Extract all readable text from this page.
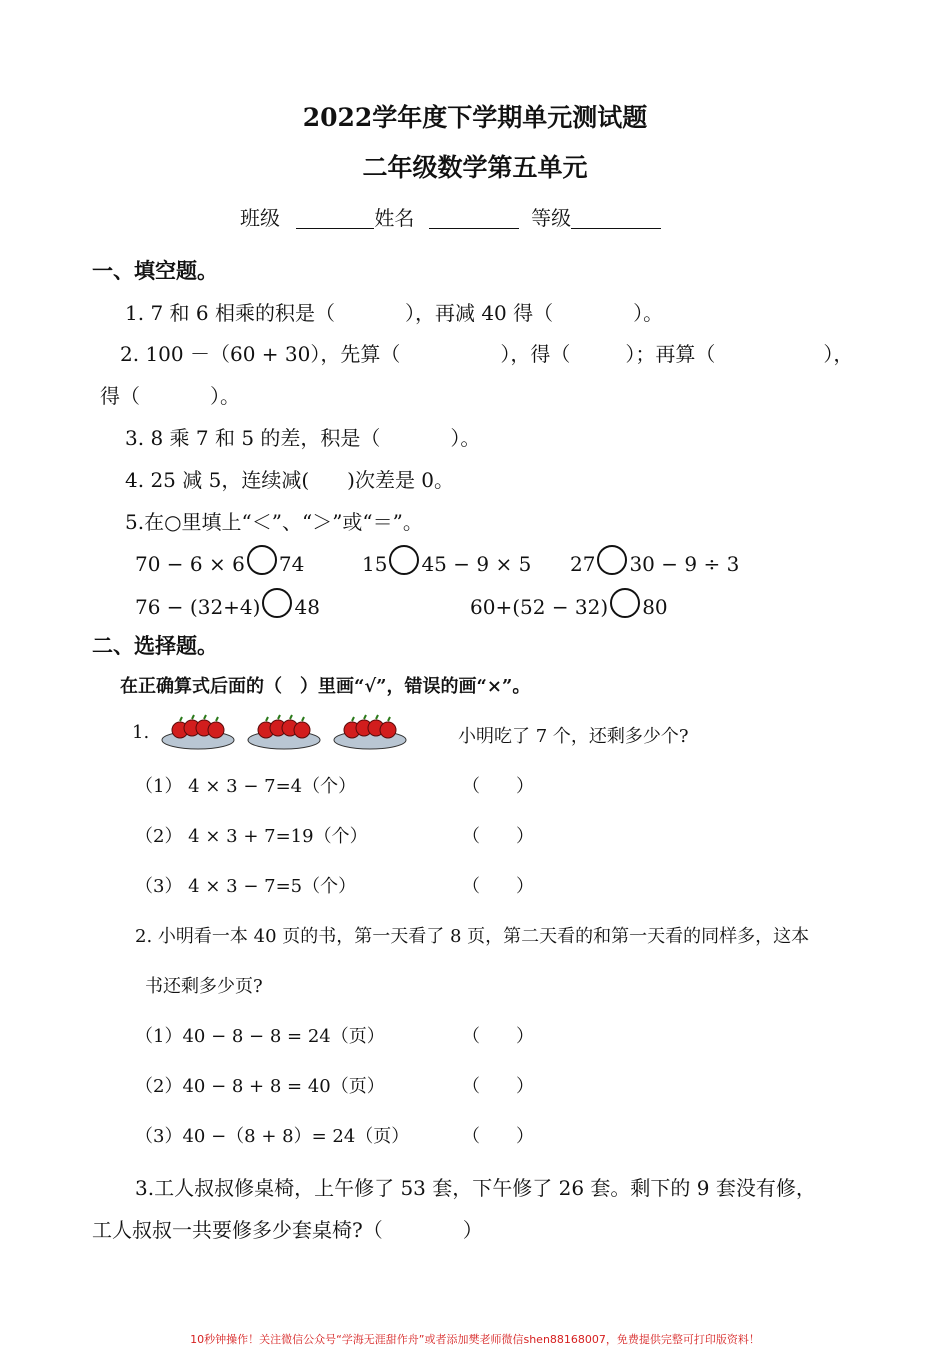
2022学年度下学期单元测试题
二年级数学第五单元
班级	姓名	等级
一、填空题。
1. 7 和 6 相乘的积是（	），再减 40 得（	）。
2. 100 －（60 + 30），先算（	），得（	）；再算（	），
得（	）。
3. 8 乘 7 和 5 的差，积是（	）。
4. 25 减 5，连续减( )次差是 0。
5.在○里填上“＜”、“＞”或“＝”。
70 − 6 × 6 74	15 45 − 9 × 5 27 30 − 9 ÷ 3
76 − (32+4) 48	60+(52 − 32) 80
二、选择题。
在正确算式后面的（　）里画“√”，错误的画“×”。
1.	小明吃了 7 个，还剩多少个?
（1） 4 × 3 − 7=4（个）	（　　）
（2） 4 × 3 + 7=19（个）	（　　）
（3） 4 × 3 − 7=5（个）	（　　）
2. 小明看一本 40 页的书，第一天看了 8 页，第二天看的和第一天看的同样多，这本
书还剩多少页?
（1）40 − 8 − 8 = 24（页）	（　　）
（2）40 − 8 + 8 = 40（页）	（　　）
（3）40 −（8 + 8）= 24（页）	（　　）
3.工人叔叔修桌椅，上午修了 53 套，下午修了 26 套。剩下的 9 套没有修，
工人叔叔一共要修多少套桌椅?（	）
10秒钟操作！关注微信公众号“学海无涯甜作舟”或者添加樊老师微信shen88168007，免费提供完整可打印版资料！
